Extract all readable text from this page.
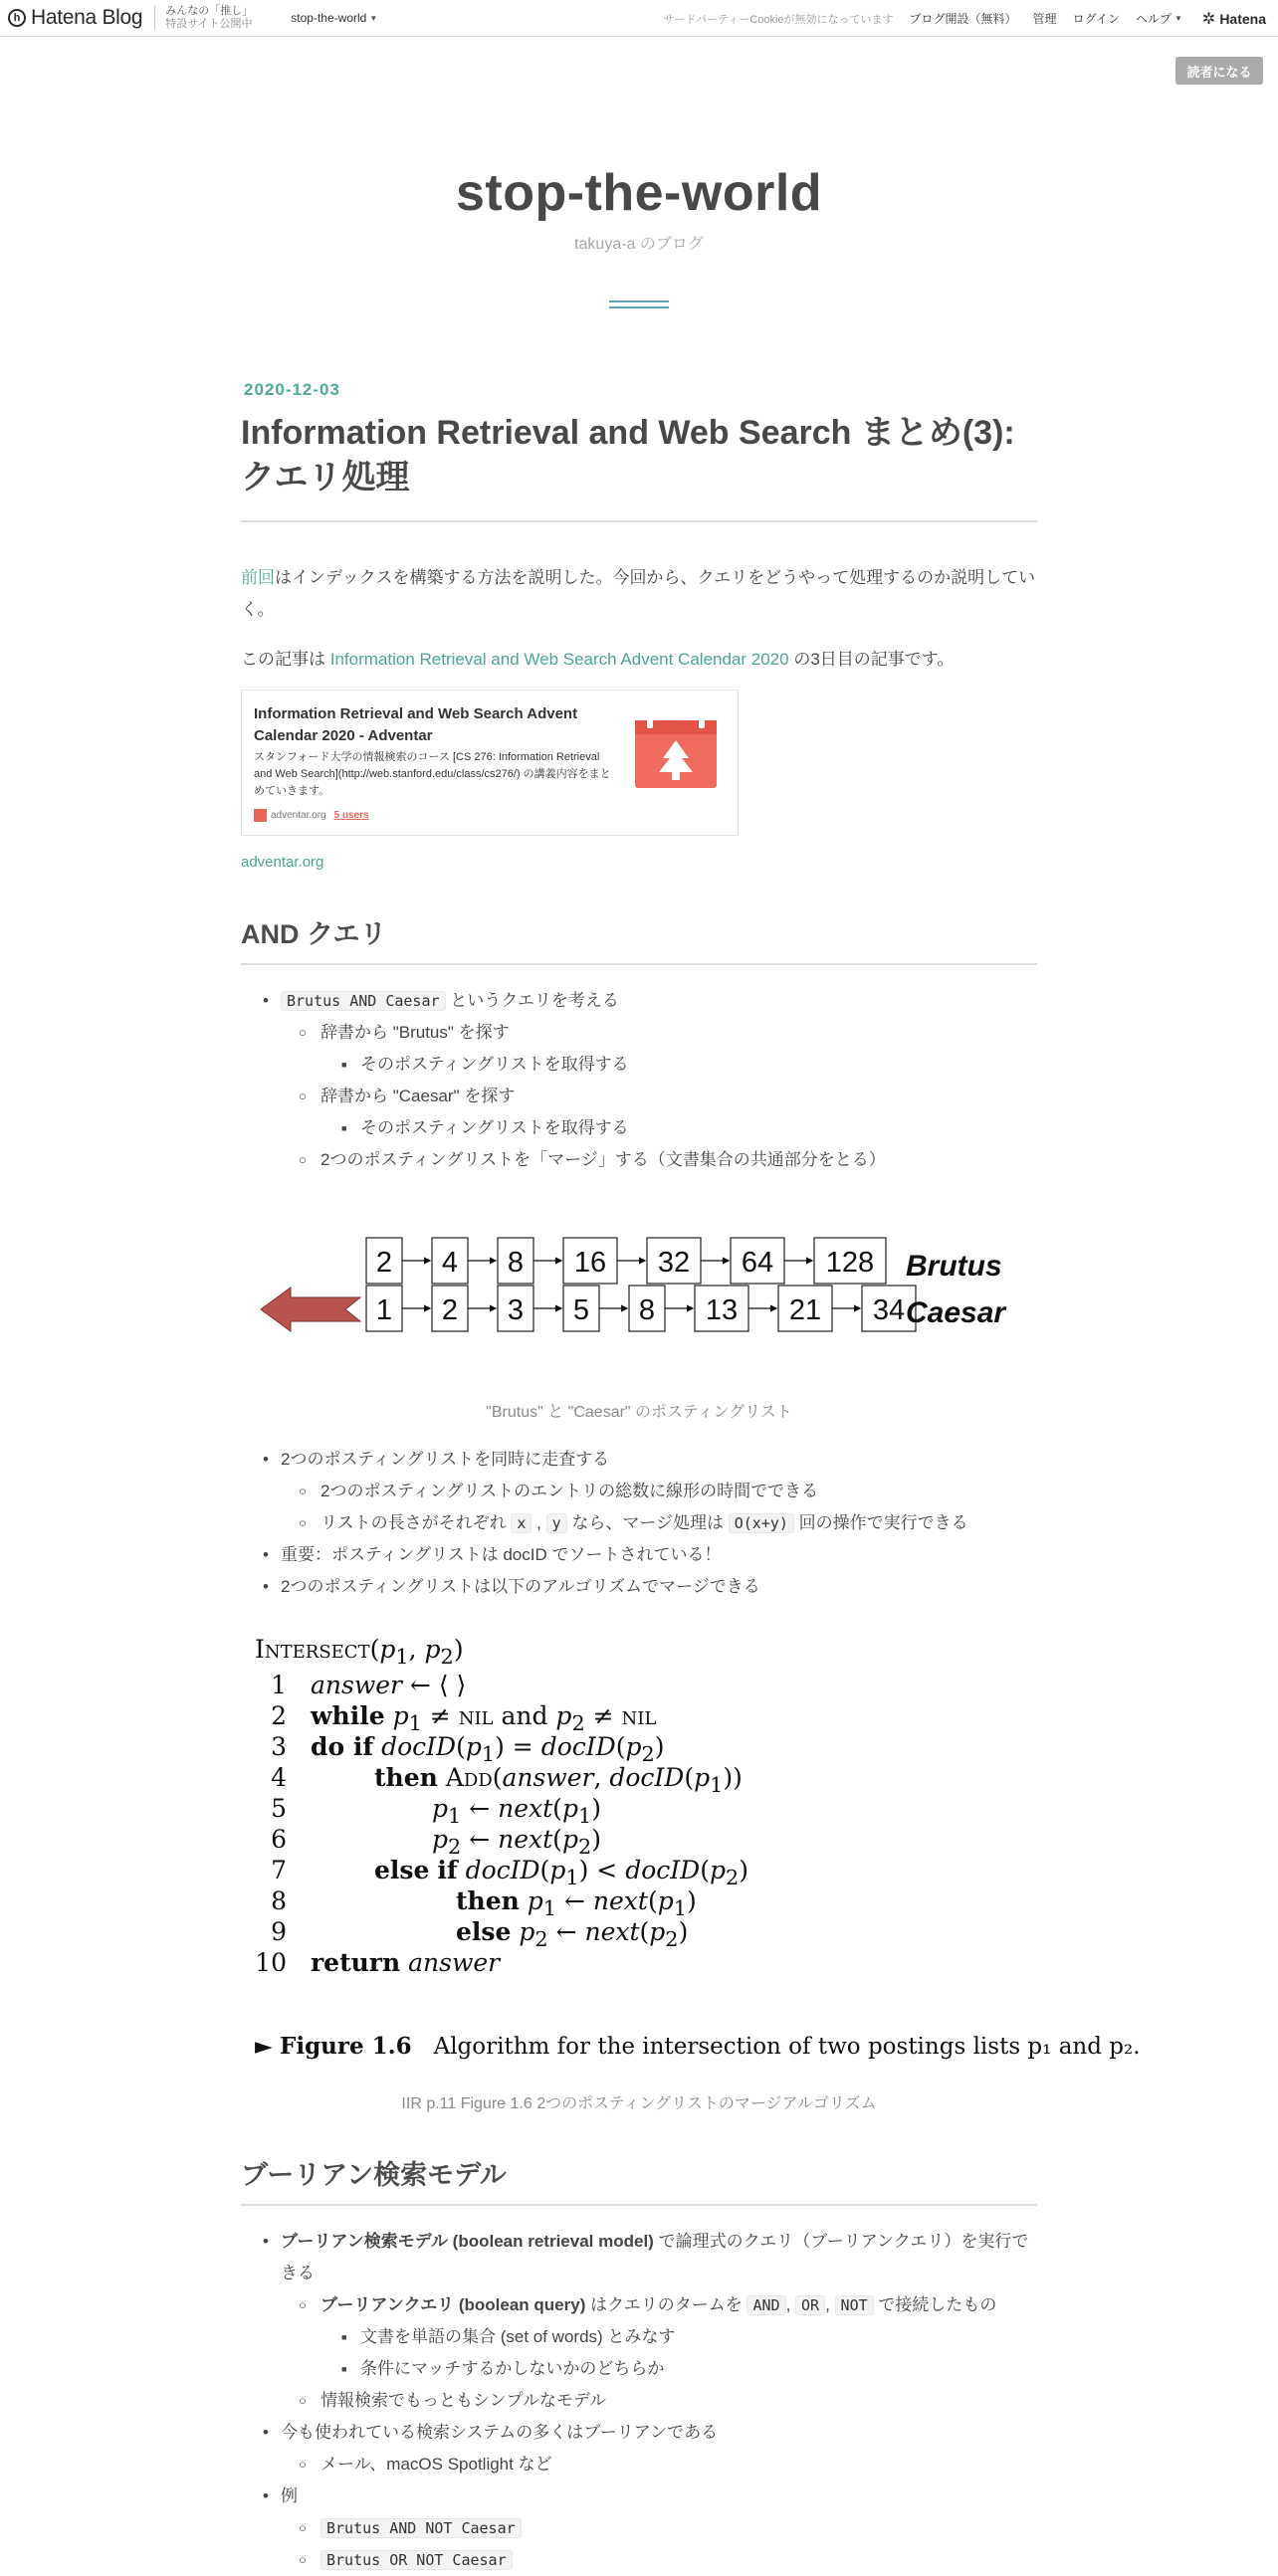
h Hatena Blog みんなの「推し」
特設サイト公開中	stop-the-world ▼	サードパーティーCookieが無効になっています ブログ開設（無料） 管理 ログイン ヘルプ ▼ ✲ Hatena
読者になる
stop-the-world
takuya-a のブログ
2020-12-03
Information Retrieval and Web Search まとめ(3): クエリ処理

前回はインデックスを構築する方法を説明した。今回から、クエリをどうやって処理するのか説明していく。

この記事は Information Retrieval and Web Search Advent Calendar 2020 の3日目の記事です。

Information Retrieval and Web Search Advent Calendar 2020 - Adventar
スタンフォード大学の情報検索のコース [CS 276: Information Retrieval and Web Search](http://web.stanford.edu/class/cs276/) の講義内容をまとめていきます。
adventar.org 5 users
adventar.org
AND クエリ
• Brutus AND Caesar というクエリを考える
○ 辞書から "Brutus" を探す
■ そのポスティングリストを取得する
○ 辞書から "Caesar" を探す
■ そのポスティングリストを取得する
○ 2つのポスティングリストを「マージ」する（文書集合の共通部分をとる）
2 4 8 16 32 64 128
1 2 3 5 8 13 21 34
Brutus
Caesar
"Brutus" と "Caesar" のポスティングリスト
• 2つのポスティングリストを同時に走査する
○ 2つのポスティングリストのエントリの総数に線形の時間でできる
○ リストの長さがそれぞれ x , y なら、マージ処理は O(x+y) 回の操作で実行できる
• 重要：ポスティングリストは docID でソートされている！
• 2つのポスティングリストは以下のアルゴリズムでマージできる
$Intersect(p_1$, $p_2$)
1 answer ← ⟨ ⟩
2 while $p_1$ ≠ nil and $p_2$ ≠ nil
3 do if $docID(p_1)$ = $docID(p_2)$
4	then Add(answer, $docID(p_1)$)
5	$p_1$ ← $next(p_1)$
6	$p_2$ ← $next(p_2)$
7	else if $docID(p_1)$ < $docID(p_2)$
8	then $p_1$ ← $next(p_1)$
9	else $p_2$ ← $next(p_2)$
10 return answer
► Figure 1.6 Algorithm for the intersection of two postings lists p₁ and p₂.
IIR p.11 Figure 1.6 2つのポスティングリストのマージアルゴリズム
ブーリアン検索モデル
• ブーリアン検索モデル (boolean retrieval model) で論理式のクエリ（ブーリアンクエリ）を実行できる
○ ブーリアンクエリ (boolean query) はクエリのタームを AND , OR , NOT で接続したもの
■ 文書を単語の集合 (set of words) とみなす
■ 条件にマッチするかしないかのどちらか
○ 情報検索でもっともシンプルなモデル
• 今も使われている検索システムの多くはブーリアンである
○ メール、macOS Spotlight など
• 例
○ Brutus AND NOT Caesar
○ Brutus OR NOT Caesar
